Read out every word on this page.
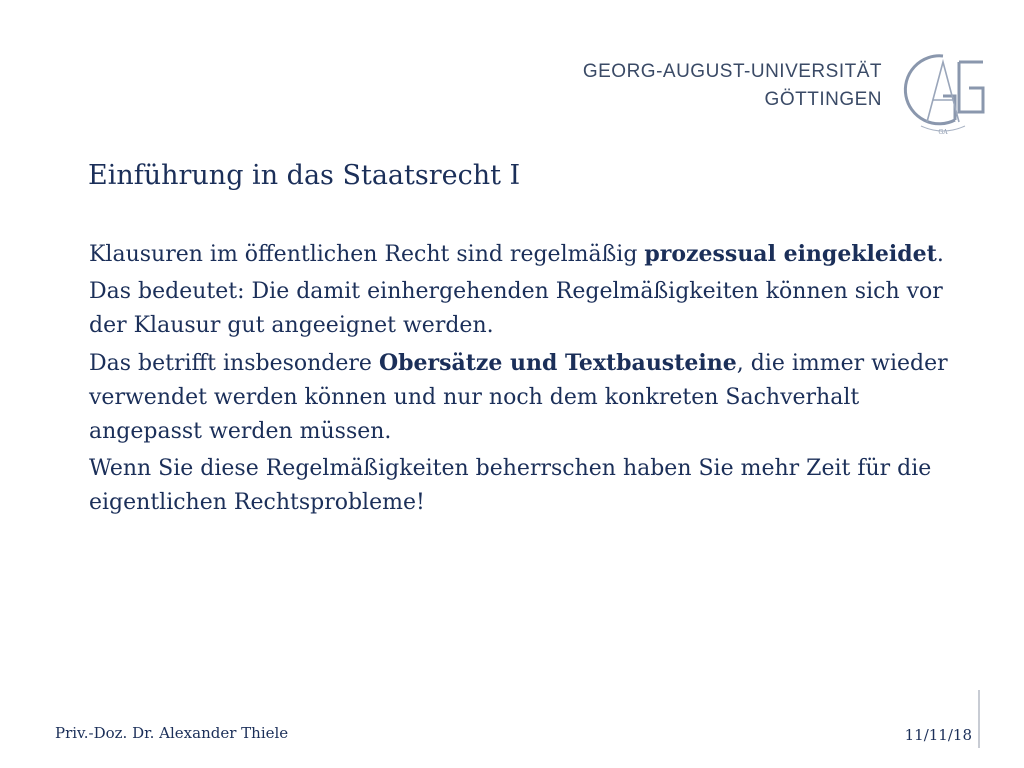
GEORG-AUGUST-UNIVERSITÄT
GÖTTINGEN
GA
Einführung in das Staatsrecht I

Klausuren im öffentlichen Recht sind regelmäßig prozessual eingekleidet.

Das bedeutet: Die damit einhergehenden Regelmäßigkeiten können sich vor der Klausur gut angeeignet werden.

Das betrifft insbesondere Obersätze und Textbausteine, die immer wieder verwendet werden können und nur noch dem konkreten Sachverhalt angepasst werden müssen.

Wenn Sie diese Regelmäßigkeiten beherrschen haben Sie mehr Zeit für die eigentlichen Rechtsprobleme!

Priv.-Doz. Dr. Alexander Thiele	11/11/18
